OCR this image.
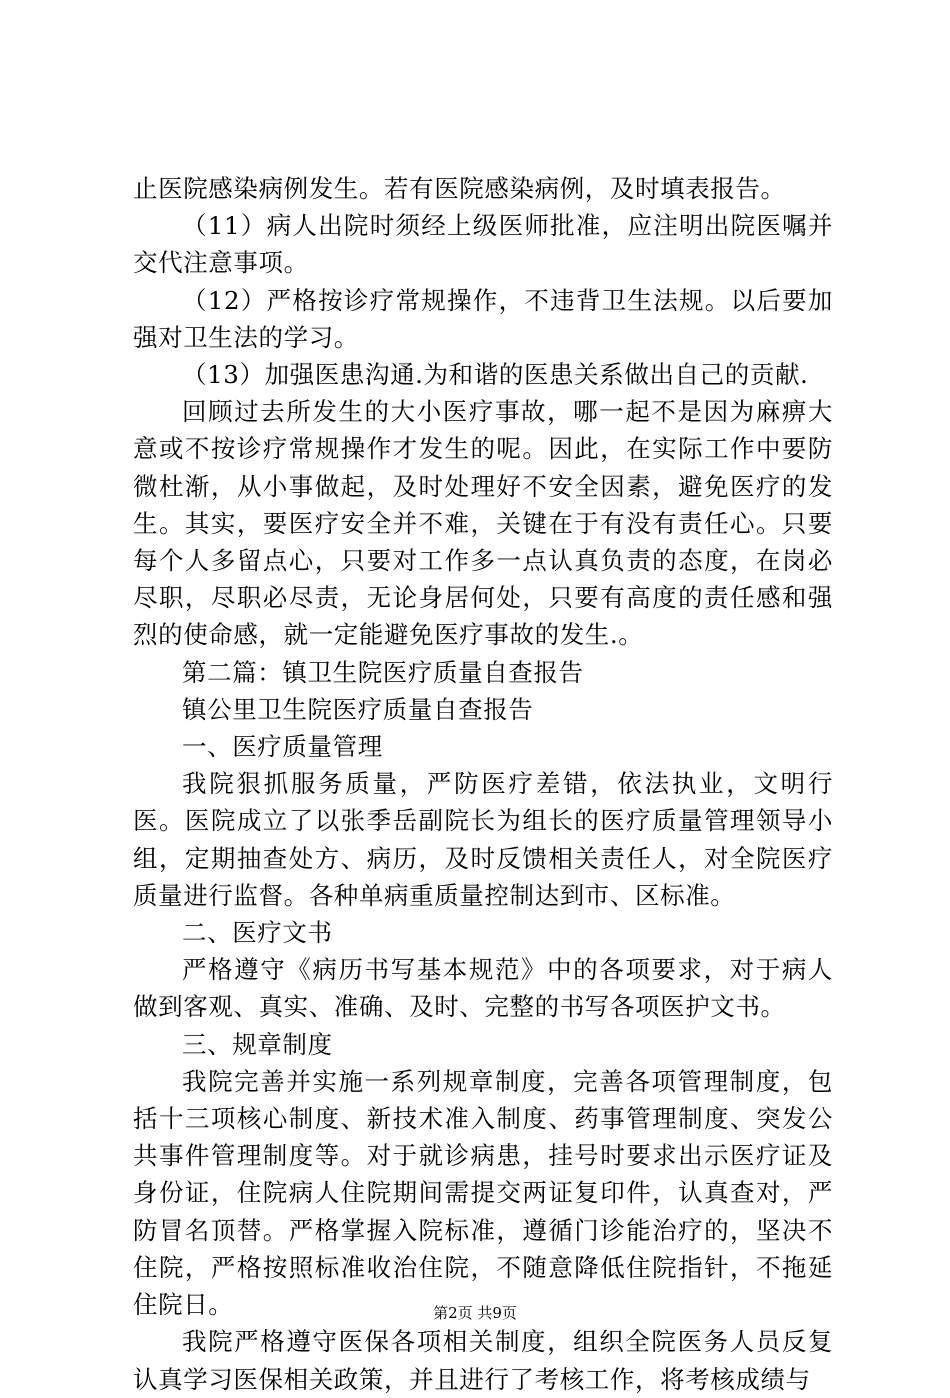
止医院感染病例发生。若有医院感染病例，及时填表报告。

（11）病人出院时须经上级医师批准，应注明出院医嘱并交代注意事项。

（12）严格按诊疗常规操作，不违背卫生法规。以后要加强对卫生法的学习。

（13）加强医患沟通.为和谐的医患关系做出自己的贡献.

回顾过去所发生的大小医疗事故，哪一起不是因为麻痹大意或不按诊疗常规操作才发生的呢。因此，在实际工作中要防微杜渐，从小事做起，及时处理好不安全因素，避免医疗的发生。其实，要医疗安全并不难，关键在于有没有责任心。只要每个人多留点心，只要对工作多一点认真负责的态度，在岗必尽职，尽职必尽责，无论身居何处，只要有高度的责任感和强烈的使命感，就一定能避免医疗事故的发生.。

第二篇：镇卫生院医疗质量自查报告

镇公里卫生院医疗质量自查报告

一、医疗质量管理

我院狠抓服务质量，严防医疗差错，依法执业，文明行医。医院成立了以张季岳副院长为组长的医疗质量管理领导小组，定期抽查处方、病历，及时反馈相关责任人，对全院医疗质量进行监督。各种单病重质量控制达到市、区标准。

二、医疗文书

严格遵守《病历书写基本规范》中的各项要求，对于病人做到客观、真实、准确、及时、完整的书写各项医护文书。

三、规章制度

我院完善并实施一系列规章制度，完善各项管理制度，包括十三项核心制度、新技术准入制度、药事管理制度、突发公共事件管理制度等。对于就诊病患，挂号时要求出示医疗证及身份证，住院病人住院期间需提交两证复印件，认真查对，严防冒名顶替。严格掌握入院标准，遵循门诊能治疗的，坚决不住院，严格按照标准收治住院，不随意降低住院指针，不拖延住院日。

我院严格遵守医保各项相关制度，组织全院医务人员反复认真学习医保相关政策，并且进行了考核工作，将考核成绩与

第2页 共9页
